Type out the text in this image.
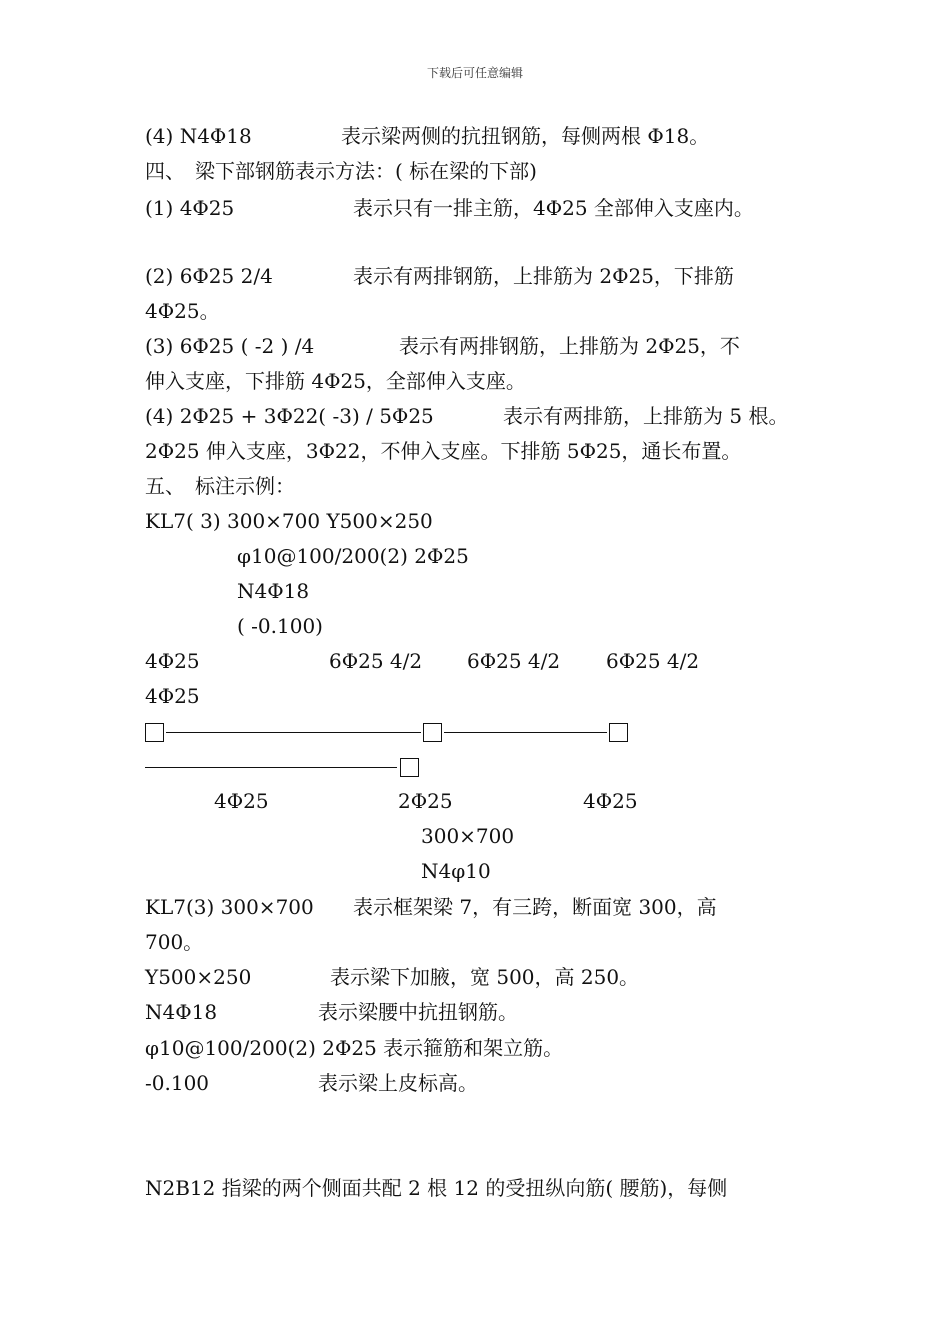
下载后可任意编辑
(4) N4Φ18	表示梁两侧的抗扭钢筋，每侧两根 Φ18。
四、　梁下部钢筋表示方法：( 标在梁的下部)
(1) 4Φ25	表示只有一排主筋，4Φ25 全部伸入支座内。
(2) 6Φ25 2/4	表示有两排钢筋，上排筋为 2Φ25，下排筋
4Φ25。
(3) 6Φ25 ( -2 ) /4	表示有两排钢筋，上排筋为 2Φ25，不
伸入支座，下排筋 4Φ25，全部伸入支座。
(4) 2Φ25 + 3Φ22( -3) / 5Φ25	表示有两排筋，上排筋为 5 根。
2Φ25 伸入支座，3Φ22，不伸入支座。下排筋 5Φ25，通长布置。
五、　标注示例：
KL7( 3) 300×700 Y500×250
φ10@100/200(2) 2Φ25
N4Φ18
( -0.100)
4Φ25	6Φ25 4/2 6Φ25 4/2 6Φ25 4/2
4Φ25
4Φ25	2Φ25	4Φ25
300×700
N4φ10
KL7(3) 300×700 表示框架梁 7，有三跨，断面宽 300，高
700。
Y500×250	表示梁下加腋，宽 500，高 250。
N4Φ18	表示梁腰中抗扭钢筋。
φ10@100/200(2) 2Φ25 表示箍筋和架立筋。
-0.100	表示梁上皮标高。
N2B12 指梁的两个侧面共配 2 根 12 的受扭纵向筋( 腰筋)，每侧
